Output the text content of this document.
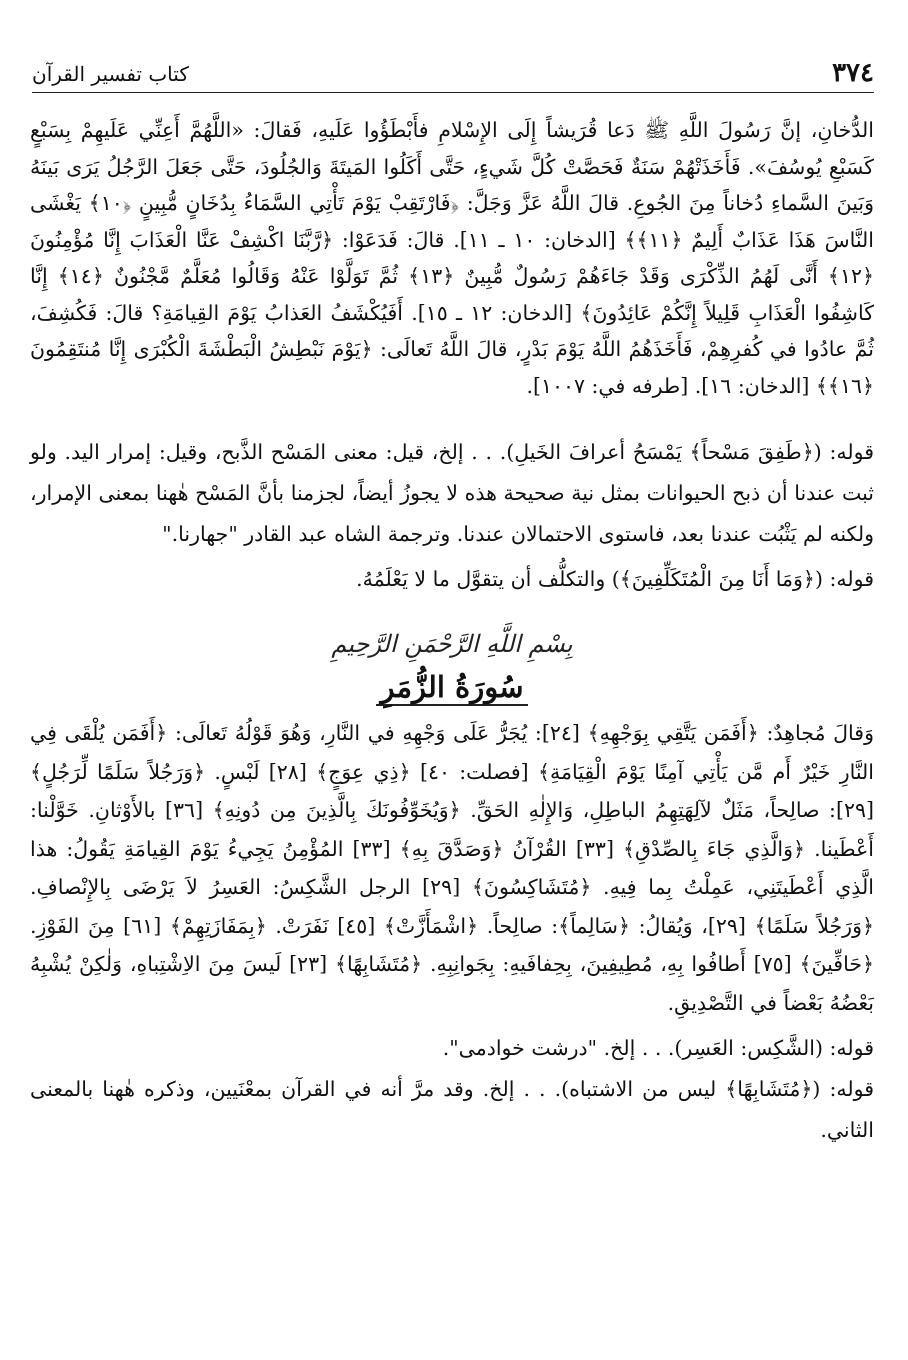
٣٧٤
كتاب تفسير القرآن
الدُّخانِ، إنَّ رَسُولَ اللَّهِ ﷺ دَعا قُرَيشاً إِلَى الإِسْلامِ فأَبْطَؤُوا عَلَيهِ، فَقالَ: «اللَّهُمَّ أَعِنِّي عَلَيهِمْ بِسَبْعٍ كَسَبْعِ يُوسُفَ». فَأَخَذَتْهُمْ سَنَةٌ فَحَصَّتْ كُلَّ شَيءٍ، حَتَّى أَكَلُوا المَيتَةَ وَالجُلُودَ، حَتَّى جَعَلَ الرَّجُلُ يَرَى بَينَهُ وَبَينَ السَّماءِ دُخاناً مِنَ الجُوعِ. قالَ اللَّهُ عَزَّ وَجَلَّ: ﴿فَارْتَقِبْ يَوْمَ تَأْتِي السَّمَاءُ بِدُخَانٍ مُّبِينٍ ﴿١٠﴾ يَغْشَى النَّاسَ هَذَا عَذَابٌ أَلِيمٌ ﴿١١﴾﴾ [الدخان: ١٠ ـ ١١]. قالَ: فَدَعَوْا: ﴿رَّبَّنَا اكْشِفْ عَنَّا الْعَذَابَ إِنَّا مُؤْمِنُونَ ﴿١٢﴾ أَنَّى لَهُمُ الذِّكْرَى وَقَدْ جَاءَهُمْ رَسُولٌ مُّبِينٌ ﴿١٣﴾ ثُمَّ تَوَلَّوْا عَنْهُ وَقَالُوا مُعَلَّمٌ مَّجْنُونٌ ﴿١٤﴾ إِنَّا كَاشِفُوا الْعَذَابِ قَلِيلاً إِنَّكُمْ عَائِدُونَ﴾ [الدخان: ١٢ ـ ١٥]. أَفَيُكْشَفُ العَذابُ يَوْمَ القِيامَةِ؟ قالَ: فَكُشِفَ، ثُمَّ عادُوا في كُفرِهِمْ، فَأَخَذَهُمُ اللَّهُ يَوْمَ بَدْرٍ، قالَ اللَّهُ تَعالَى: ﴿يَوْمَ نَبْطِشُ الْبَطْشَةَ الْكُبْرَى إِنَّا مُنتَقِمُونَ ﴿١٦﴾﴾ [الدخان: ١٦]. [طرفه في: ١٠٠٧].

قوله: (﴿طَفِقَ مَسْحاً﴾ يَمْسَحُ أعرافَ الخَيلِ). . . إلخ، قيل: معنى المَسْح الذَّبح، وقيل: إمرار اليد. ولو ثبت عندنا أن ذبح الحيوانات بمثل نية صحيحة هذه لا يجوزُ أيضاً، لجزمنا بأنَّ المَسْح هٰهنا بمعنى الإمرار، ولكنه لم يَثْبُت عندنا بعد، فاستوى الاحتمالان عندنا. وترجمة الشاه عبد القادر "جهارنا."

قوله: (﴿وَمَا أَنَا مِنَ الْمُتَكَلِّفِينَ﴾) والتكلُّف أن يتقوَّل ما لا يَعْلَمُهُ.

بِسْمِ اللَّهِ الرَّحْمَنِ الرَّحِيمِ
سُورَةُ الزُّمَرِ
وَقالَ مُجاهِدٌ: ﴿أَفَمَن يَتَّقِي بِوَجْهِهِ﴾ [٢٤]: يُجَرُّ عَلَى وَجْهِهِ في النَّارِ، وَهُوَ قَوْلُهُ تَعالَى: ﴿أَفَمَن يُلْقَى فِي النَّارِ خَيْرٌ أَم مَّن يَأْتِي آمِنًا يَوْمَ الْقِيَامَةِ﴾ [فصلت: ٤٠] ﴿ذِي عِوَجٍ﴾ [٢٨] لَبْسٍ. ﴿وَرَجُلاً سَلَمًا لِّرَجُلٍ﴾ [٢٩]: صالِحاً، مَثَلٌ لآلِهَتِهِمُ الباطِلِ، وَالإِلٰهِ الحَقِّ. ﴿وَيُخَوِّفُونَكَ بِالَّذِينَ مِن دُونِهِ﴾ [٣٦] بالأَوْثانِ. خَوَّلْنا: أَعْطَينا. ﴿وَالَّذِي جَاءَ بِالصِّدْقِ﴾ [٣٣] القُرْآنُ ﴿وَصَدَّقَ بِهِ﴾ [٣٣] المُؤْمِنُ يَجِيءُ يَوْمَ القِيامَةِ يَقُولُ: هذا الَّذِي أَعْطَيتَنِي، عَمِلْتُ بِما فِيهِ. ﴿مُتَشَاكِسُونَ﴾ [٢٩] الرجل الشَّكِسُ: العَسِرُ لاَ يَرْضَى بِالإِنْصافِ. ﴿وَرَجُلاً سَلَمًا﴾ [٢٩]، وَيُقالُ: ﴿سَالِماً﴾: صالِحاً. ﴿اشْمَأَزَّتْ﴾ [٤٥] نَفَرَتْ. ﴿بِمَفَازَتِهِمْ﴾ [٦١] مِنَ الفَوْزِ. ﴿حَافِّينَ﴾ [٧٥] أَطافُوا بِهِ، مُطِيفِينَ، بِحِفافَيهِ: بِجَوانِبِهِ. ﴿مُتَشَابِهًا﴾ [٢٣] لَيسَ مِنَ الاِشْتِباهِ، وَلٰكِنْ يُشْبِهُ بَعْضُهُ بَعْضاً في التَّصْدِيقِ.

قوله: (الشَّكِس: العَسِر). . . إلخ. "درشت خوادمى".

قوله: (﴿مُتَشَابِهًا﴾ ليس من الاشتباه). . . إلخ. وقد مرَّ أنه في القرآن بمعْنَيين، وذكره هٰهنا بالمعنى الثاني.
